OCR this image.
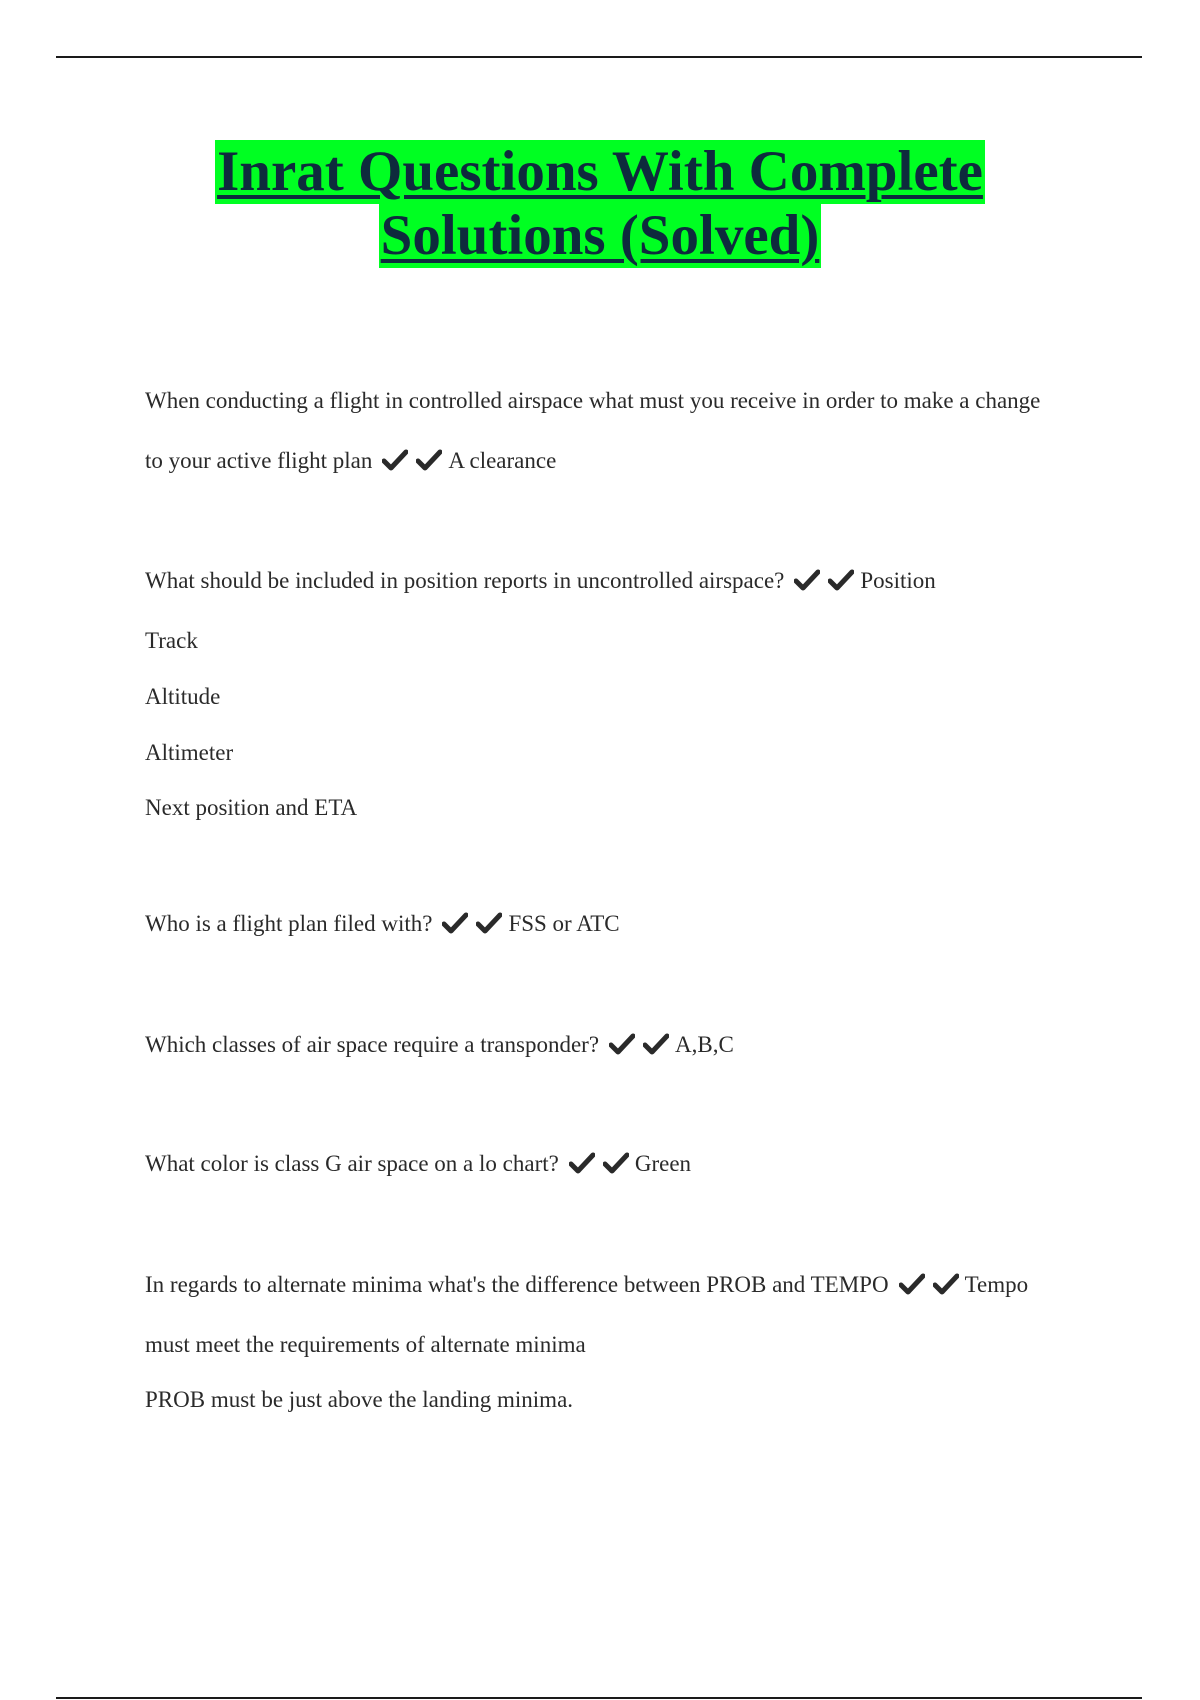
Inrat Questions With Complete
Solutions (Solved)
When conducting a flight in controlled airspace what must you receive in order to make a change
to your active flight plan	A clearance
What should be included in position reports in uncontrolled airspace?	Position
Track
Altitude
Altimeter
Next position and ETA
Who is a flight plan filed with?	FSS or ATC
Which classes of air space require a transponder?	A,B,C
What color is class G air space on a lo chart?	Green
In regards to alternate minima what's the difference between PROB and TEMPO	Tempo
must meet the requirements of alternate minima
PROB must be just above the landing minima.
